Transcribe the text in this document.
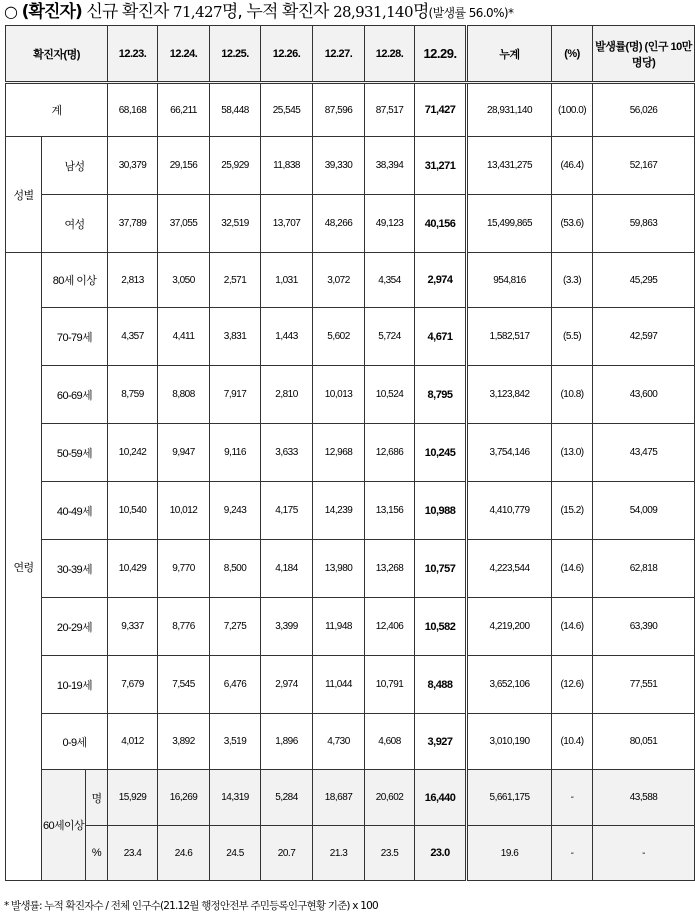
○ (확진자) 신규 확진자 71,427명, 누적 확진자 28,931,140명(발생률 56.0%)*
확진자(명)			12.23.	12.24.	12.25.	12.26.	12.27.	12.28.	12.29.	누계	(%)	발생률(명) (인구 10만명당)
계			68,168	66,211	58,448	25,545	87,596	87,517	71,427	28,931,140	(100.0)	56,026
성별	남성		30,379	29,156	25,929	11,838	39,330	38,394	31,271	13,431,275	(46.4)	52,167
	여성		37,789	37,055	32,519	13,707	48,266	49,123	40,156	15,499,865	(53.6)	59,863
연령	80세 이상		2,813	3,050	2,571	1,031	3,072	4,354	2,974	954,816	(3.3)	45,295
	70-79세		4,357	4,411	3,831	1,443	5,602	5,724	4,671	1,582,517	(5.5)	42,597
	60-69세		8,759	8,808	7,917	2,810	10,013	10,524	8,795	3,123,842	(10.8)	43,600
	50-59세		10,242	9,947	9,116	3,633	12,968	12,686	10,245	3,754,146	(13.0)	43,475
	40-49세		10,540	10,012	9,243	4,175	14,239	13,156	10,988	4,410,779	(15.2)	54,009
	30-39세		10,429	9,770	8,500	4,184	13,980	13,268	10,757	4,223,544	(14.6)	62,818
	20-29세		9,337	8,776	7,275	3,399	11,948	12,406	10,582	4,219,200	(14.6)	63,390
	10-19세		7,679	7,545	6,476	2,974	11,044	10,791	8,488	3,652,106	(12.6)	77,551
	0-9세		4,012	3,892	3,519	1,896	4,730	4,608	3,927	3,010,190	(10.4)	80,051
	60세이상	명	15,929	16,269	14,319	5,284	18,687	20,602	16,440	5,661,175	-	43,588
		%	23.4	24.6	24.5	20.7	21.3	23.5	23.0	19.6	-	-
* 발생률: 누적 확진자수 / 전체 인구수(21.12월 행정안전부 주민등록인구현황 기준) x 100
